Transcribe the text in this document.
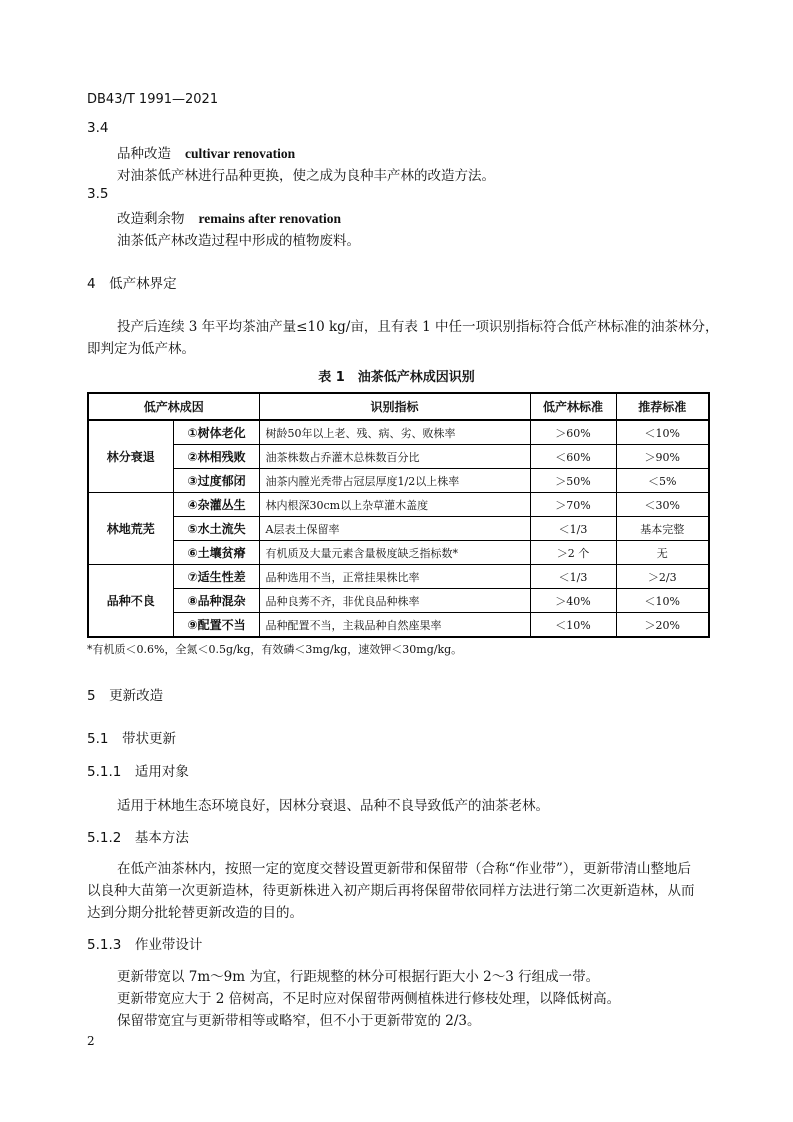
DB43/T 1991—2021
3.4
品种改造 cultivar renovation
对油茶低产林进行品种更换，使之成为良种丰产林的改造方法。
3.5
改造剩余物 remains after renovation
油茶低产林改造过程中形成的植物废料。
4　低产林界定
投产后连续 3 年平均茶油产量≤10 kg/亩，且有表 1 中任一项识别指标符合低产林标准的油茶林分，
即判定为低产林。
表 1　油茶低产林成因识别
低产林成因		识别指标	低产林标准	推荐标准
林分衰退	①树体老化	树龄50年以上老、残、病、劣、败株率	＞60%	＜10%
	②林相残败	油茶株数占乔灌木总株数百分比	＜60%	＞90%
	③过度郁闭	油茶内膛光秃带占冠层厚度1/2以上株率	＞50%	＜5%
林地荒芜	④杂灌丛生	林内根深30cm以上杂草灌木盖度	＞70%	＜30%
	⑤水土流失	A层表土保留率	＜1/3	基本完整
	⑥土壤贫瘠	有机质及大量元素含量极度缺乏指标数*	＞2 个	无
品种不良	⑦适生性差	品种选用不当，正常挂果株比率	＜1/3	＞2/3
	⑧品种混杂	品种良莠不齐，非优良品种株率	＞40%	＜10%
	⑨配置不当	品种配置不当，主栽品种自然座果率	＜10%	＞20%
*有机质＜0.6%，全氮＜0.5g/kg，有效磷＜3mg/kg，速效钾＜30mg/kg。
5　更新改造
5.1　带状更新
5.1.1　适用对象
适用于林地生态环境良好，因林分衰退、品种不良导致低产的油茶老林。
5.1.2　基本方法
在低产油茶林内，按照一定的宽度交替设置更新带和保留带（合称“作业带”），更新带清山整地后
以良种大苗第一次更新造林，待更新株进入初产期后再将保留带依同样方法进行第二次更新造林，从而
达到分期分批轮替更新改造的目的。
5.1.3　作业带设计
更新带宽以 7m～9m 为宜，行距规整的林分可根据行距大小 2～3 行组成一带。
更新带宽应大于 2 倍树高，不足时应对保留带两侧植株进行修枝处理，以降低树高。
保留带宽宜与更新带相等或略窄，但不小于更新带宽的 2/3。
2
